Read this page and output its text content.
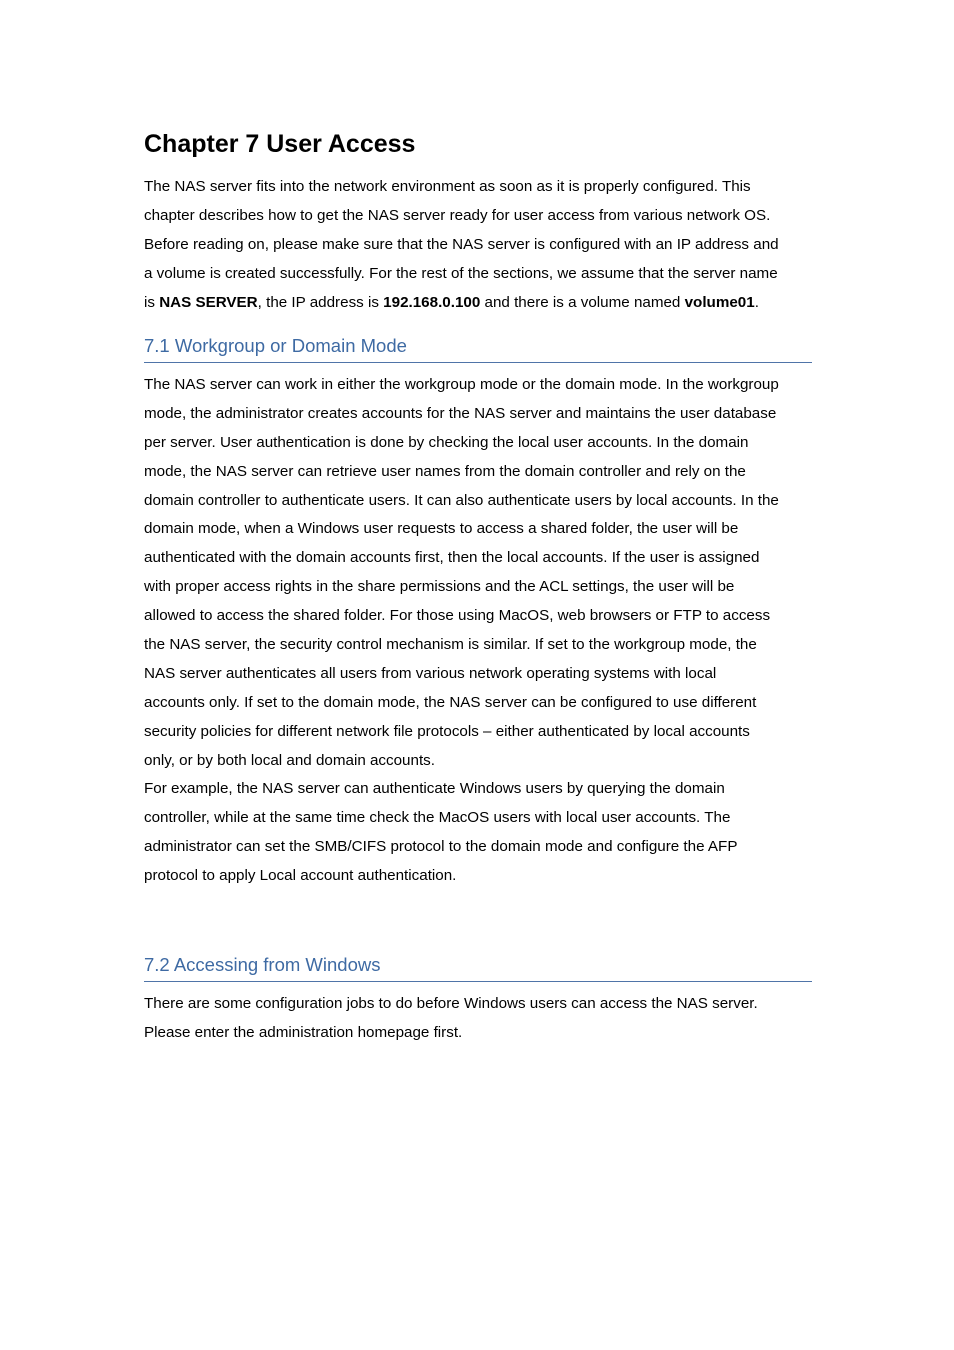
Chapter 7 User Access
The NAS server fits into the network environment as soon as it is properly configured. This
chapter describes how to get the NAS server ready for user access from various network OS.
Before reading on, please make sure that the NAS server is configured with an IP address and
a volume is created successfully. For the rest of the sections, we assume that the server name
is NAS SERVER, the IP address is 192.168.0.100 and there is a volume named volume01.
7.1 Workgroup or Domain Mode
The NAS server can work in either the workgroup mode or the domain mode. In the workgroup
mode, the administrator creates accounts for the NAS server and maintains the user database
per server. User authentication is done by checking the local user accounts. In the domain
mode, the NAS server can retrieve user names from the domain controller and rely on the
domain controller to authenticate users. It can also authenticate users by local accounts. In the
domain mode, when a Windows user requests to access a shared folder, the user will be
authenticated with the domain accounts first, then the local accounts. If the user is assigned
with proper access rights in the share permissions and the ACL settings, the user will be
allowed to access the shared folder. For those using MacOS, web browsers or FTP to access
the NAS server, the security control mechanism is similar. If set to the workgroup mode, the
NAS server authenticates all users from various network operating systems with local
accounts only. If set to the domain mode, the NAS server can be configured to use different
security policies for different network file protocols – either authenticated by local accounts
only, or by both local and domain accounts.
For example, the NAS server can authenticate Windows users by querying the domain
controller, while at the same time check the MacOS users with local user accounts. The
administrator can set the SMB/CIFS protocol to the domain mode and configure the AFP
protocol to apply Local account authentication.
7.2 Accessing from Windows
There are some configuration jobs to do before Windows users can access the NAS server.
Please enter the administration homepage first.
